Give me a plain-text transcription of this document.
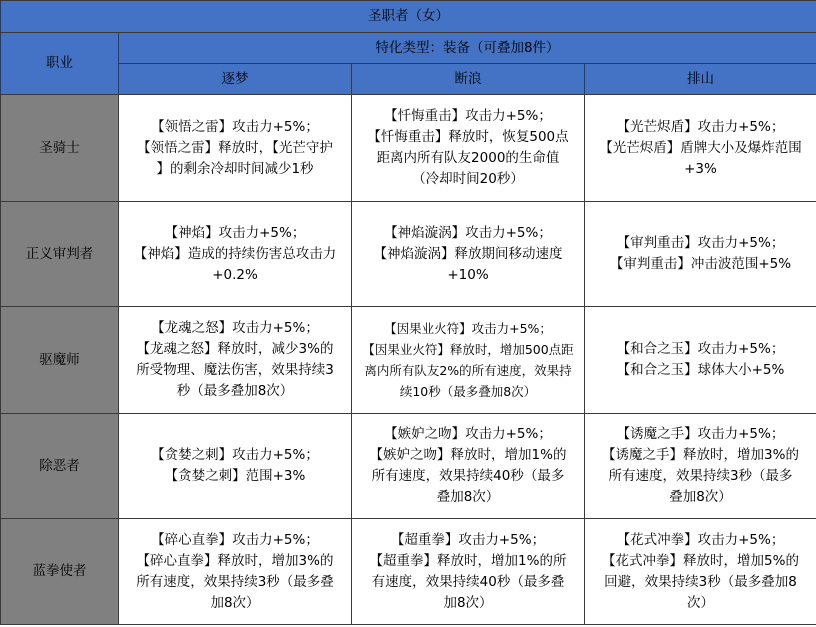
圣职者（女）			
职业	特化类型：装备（可叠加8件）		
	逐梦	断浪	排山
圣骑士	【领悟之雷】攻击力+5%；
【领悟之雷】释放时，【光芒守护
】的剩余冷却时间减少1秒	【忏悔重击】攻击力+5%；
【忏悔重击】释放时，恢复500点
距离内所有队友2000的生命值
（冷却时间20秒）	【光芒烬盾】攻击力+5%；
【光芒烬盾】盾牌大小及爆炸范围
+3%

正义审判者	【神焰】攻击力+5%；
【神焰】造成的持续伤害总攻击力
+0.2%	【神焰漩涡】攻击力+5%；
【神焰漩涡】释放期间移动速度
+10%	【审判重击】攻击力+5%；
【审判重击】冲击波范围+5%

驱魔师	【龙魂之怒】攻击力+5%；
【龙魂之怒】释放时，减少3%的
所受物理、魔法伤害，效果持续3
秒（最多叠加8次）	【因果业火符】攻击力+5%；
【因果业火符】释放时，增加500点距
离内所有队友2%的所有速度，效果持
续10秒（最多叠加8次）	【和合之玉】攻击力+5%；
【和合之玉】球体大小+5%

除恶者	【贪婪之刺】攻击力+5%；
【贪婪之刺】范围+3%	【嫉妒之吻】攻击力+5%；
【嫉妒之吻】释放时，增加1%的
所有速度，效果持续40秒（最多
叠加8次）	【诱魔之手】攻击力+5%；
【诱魔之手】释放时，增加3%的
所有速度，效果持续3秒（最多
叠加8次）

蓝拳使者	【碎心直拳】攻击力+5%；
【碎心直拳】释放时，增加3%的
所有速度，效果持续3秒（最多叠
加8次）	【超重拳】攻击力+5%；
【超重拳】释放时，增加1%的所
有速度，效果持续40秒（最多叠
加8次）	【花式冲拳】攻击力+5%；
【花式冲拳】释放时，增加5%的
回避，效果持续3秒（最多叠加8
次）
